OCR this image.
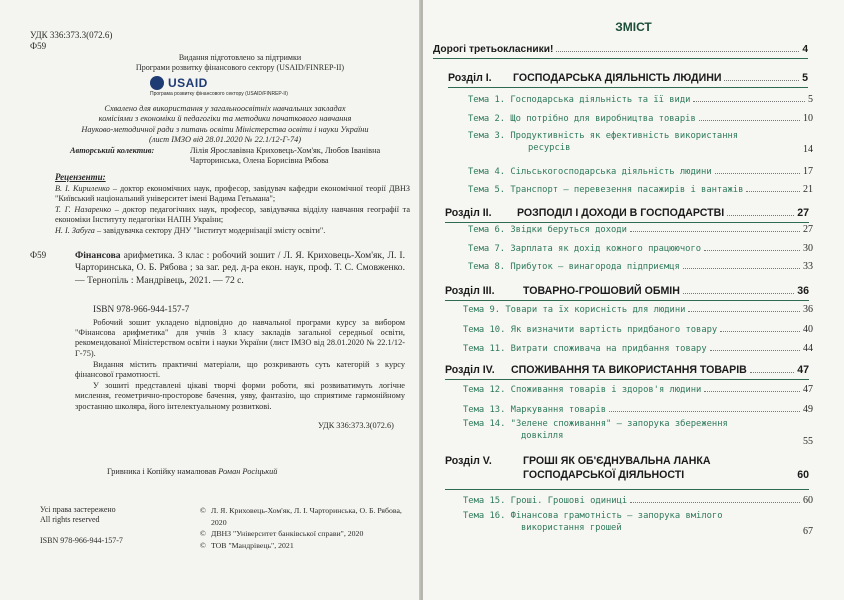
УДК 336:373.3(072.6)
Ф59
Видання підготовлено за підтримки
Програми розвитку фінансового сектору (USAID/FINREP-II)
USAID
Програма розвитку фінансового сектору (USAID/FINREP-II)
Схвалено для використання у загальноосвітніх навчальних закладах
комісіями з економіки й педагогіки та методики початкового навчання
Науково-методичної ради з питань освіти Міністерства освіти і науки України
(лист ІМЗО від 28.01.2020 № 22.1/12-Г-74)
Авторський колектив:	Лілія Ярославівна Криховець-Хом'як, Любов Іванівна
Чарторинська, Олена Борисівна Рябова
Рецензенти:

В. І. Кириленко – доктор економічних наук, професор, завідувач кафедри економічної теорії ДВНЗ "Київський національний університет імені Вадима Гетьмана";

Т. Г. Назаренко – доктор педагогічних наук, професор, завідувачка відділу навчання географії та економіки Інституту педагогіки НАПН України;

Н. І. Забуга – завідувачка сектору ДНУ "Інститут модернізації змісту освіти".

Ф59	Фінансова арифметика. 3 клас : робочий зошит / Л. Я. Криховець-Хом'як, Л. І. Чарторинська, О. Б. Рябова ; за заг. ред. д-ра екон. наук, проф. Т. С. Смовженко. — Тернопіль : Мандрівець, 2021. — 72 с.
ISBN 978-966-944-157-7

Робочий зошит укладено відповідно до навчальної програми курсу за вибором "Фінансова арифметика" для учнів 3 класу закладів загальної середньої освіти, рекомендованої Міністерством освіти і науки України (лист ІМЗО від 28.01.2020 № 22.1/12-Г-75).

Видання містить практичні матеріали, що розкривають суть категорій з курсу фінансової грамотності.

У зошиті представлені цікаві творчі форми роботи, які розвиватимуть логічне мислення, геометрично-просторове бачення, уяву, фантазію, що сприятиме гармонійному зростанню школяра, його інтелектуальному розвиткові.

УДК 336:373.3(072.6)
Гривника і Копійку намалював Роман Росіцький
Усі права застережено
All rights reserved
ISBN 978-966-944-157-7
© Л. Я. Криховець-Хом'як, Л. І. Чарторинська, О. Б. Рябова, 2020
© ДВНЗ "Університет банківської справи", 2020
© ТОВ "Мандрівець", 2021
ЗМІСТ
Дорогі третьокласники!	4
Розділ I.	ГОСПОДАРСЬКА ДІЯЛЬНІСТЬ ЛЮДИНИ	5
Тема 1. Господарська діяльність та її види	5
Тема 2. Що потрібно для виробництва товарів	10
Тема 3. Продуктивність як ефективність використання
ресурсів	14
Тема 4. Сільськогосподарська діяльність людини	17
Тема 5. Транспорт – перевезення пасажирів і вантажів	21
Розділ II.	РОЗПОДІЛ І ДОХОДИ В ГОСПОДАРСТВІ	27
Тема 6. Звідки беруться доходи	27
Тема 7. Зарплата як дохід кожного працюючого	30
Тема 8. Прибуток – винагорода підприємця	33
Розділ III.	ТОВАРНО-ГРОШОВИЙ ОБМІН	36
Тема 9. Товари та їх корисність для людини	36
Тема 10. Як визначити вартість придбаного товару	40
Тема 11. Витрати споживача на придбання товару	44
Розділ IV.	СПОЖИВАННЯ ТА ВИКОРИСТАННЯ ТОВАРІВ	47
Тема 12. Споживання товарів і здоров'я людини	47
Тема 13. Маркування товарів	49
Тема 14. "Зелене споживання" – запорука збереження
довкілля	55
Розділ V.	ГРОШІ ЯК ОБ'ЄДНУВАЛЬНА ЛАНКА
ГОСПОДАРСЬКОЇ ДІЯЛЬНОСТІ	60
Тема 15. Гроші. Грошові одиниці	60
Тема 16. Фінансова грамотність – запорука вмілого
використання грошей	67
